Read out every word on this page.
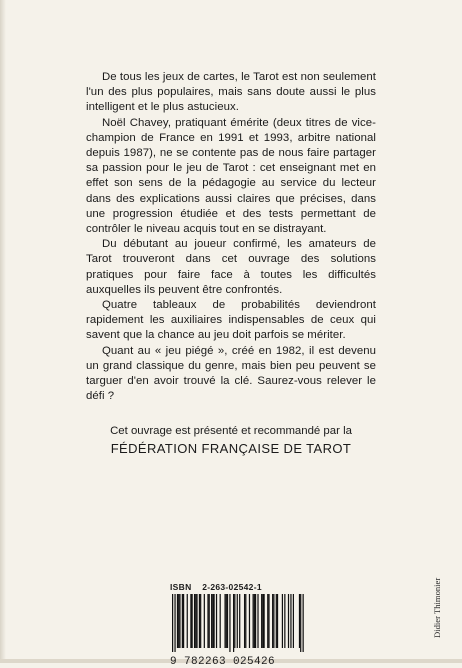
De tous les jeux de cartes, le Tarot est non seulement l'un des plus populaires, mais sans doute aussi le plus intelligent et le plus astucieux.

Noël Chavey, pratiquant émérite (deux titres de vice-champion de France en 1991 et 1993, arbitre national depuis 1987), ne se contente pas de nous faire partager sa passion pour le jeu de Tarot : cet enseignant met en effet son sens de la pédagogie au service du lecteur dans des explications aussi claires que précises, dans une progression étudiée et des tests permettant de contrôler le niveau acquis tout en se distrayant.

Du débutant au joueur confirmé, les amateurs de Tarot trouveront dans cet ouvrage des solutions pratiques pour faire face à toutes les difficultés auxquelles ils peuvent être confrontés.

Quatre tableaux de probabilités deviendront rapidement les auxiliaires indispensables de ceux qui savent que la chance au jeu doit parfois se mériter.

Quant au « jeu piégé », créé en 1982, il est devenu un grand classique du genre, mais bien peu peuvent se targuer d'en avoir trouvé la clé. Saurez-vous relever le défi ?

Cet ouvrage est présenté et recommandé par la
FÉDÉRATION FRANÇAISE DE TAROT
ISBN 2-263-02542-1
9 782263 025426
Didier Thimonier
